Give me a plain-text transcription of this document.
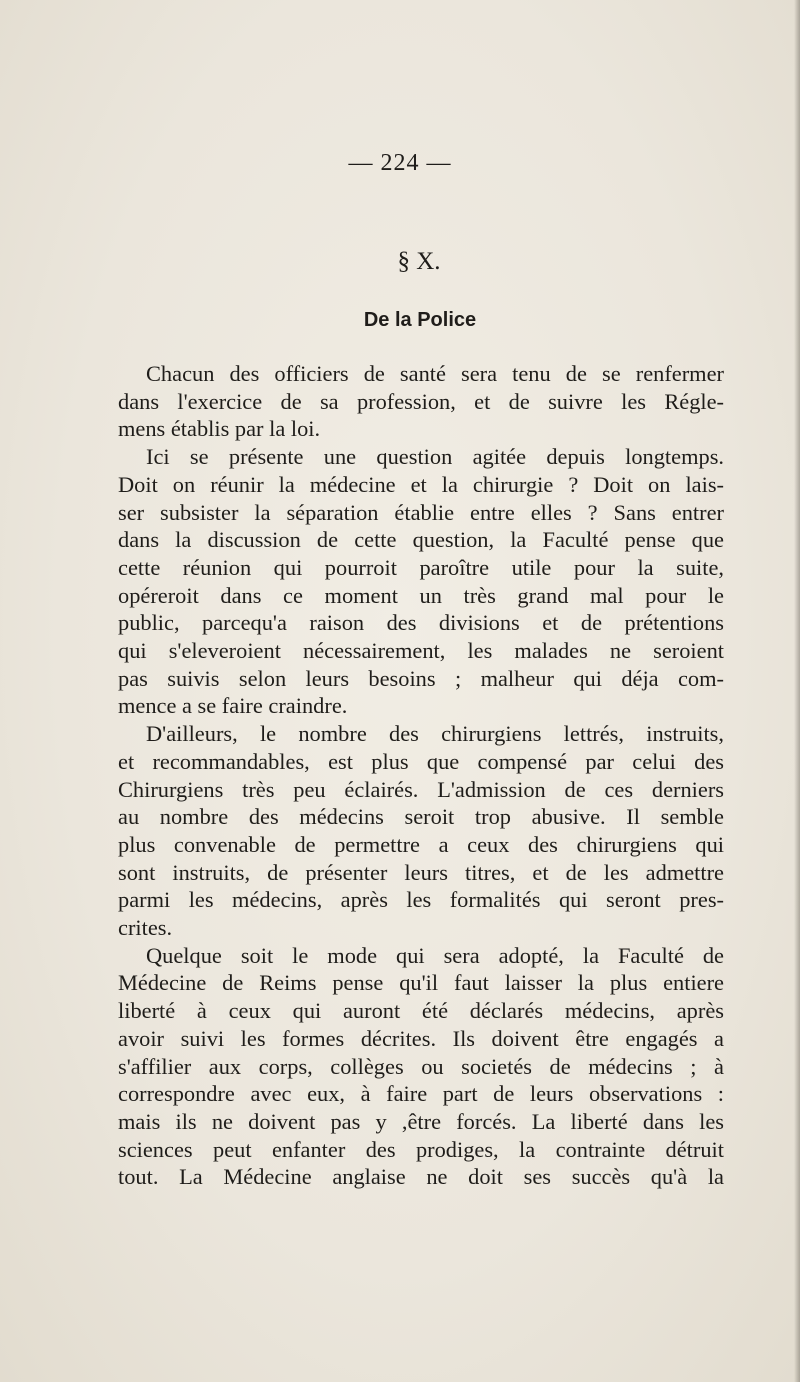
— 224 —
§ X.
De la Police
Chacun des officiers de santé sera tenu de se renfermer
dans l'exercice de sa profession, et de suivre les Régle-
mens établis par la loi.
Ici se présente une question agitée depuis longtemps.
Doit on réunir la médecine et la chirurgie ? Doit on lais-
ser subsister la séparation établie entre elles ? Sans entrer
dans la discussion de cette question, la Faculté pense que
cette réunion qui pourroit paroître utile pour la suite,
opéreroit dans ce moment un très grand mal pour le
public, parcequ'a raison des divisions et de prétentions
qui s'eleveroient nécessairement, les malades ne seroient
pas suivis selon leurs besoins ; malheur qui déja com-
mence a se faire craindre.
D'ailleurs, le nombre des chirurgiens lettrés, instruits,
et recommandables, est plus que compensé par celui des
Chirurgiens très peu éclairés. L'admission de ces derniers
au nombre des médecins seroit trop abusive. Il semble
plus convenable de permettre a ceux des chirurgiens qui
sont instruits, de présenter leurs titres, et de les admettre
parmi les médecins, après les formalités qui seront pres-
crites.
Quelque soit le mode qui sera adopté, la Faculté de
Médecine de Reims pense qu'il faut laisser la plus entiere
liberté à ceux qui auront été déclarés médecins, après
avoir suivi les formes décrites. Ils doivent être engagés a
s'affilier aux corps, collèges ou societés de médecins ; à
correspondre avec eux, à faire part de leurs observations :
mais ils ne doivent pas y ,être forcés. La liberté dans les
sciences peut enfanter des prodiges, la contrainte détruit
tout. La Médecine anglaise ne doit ses succès qu'à la
